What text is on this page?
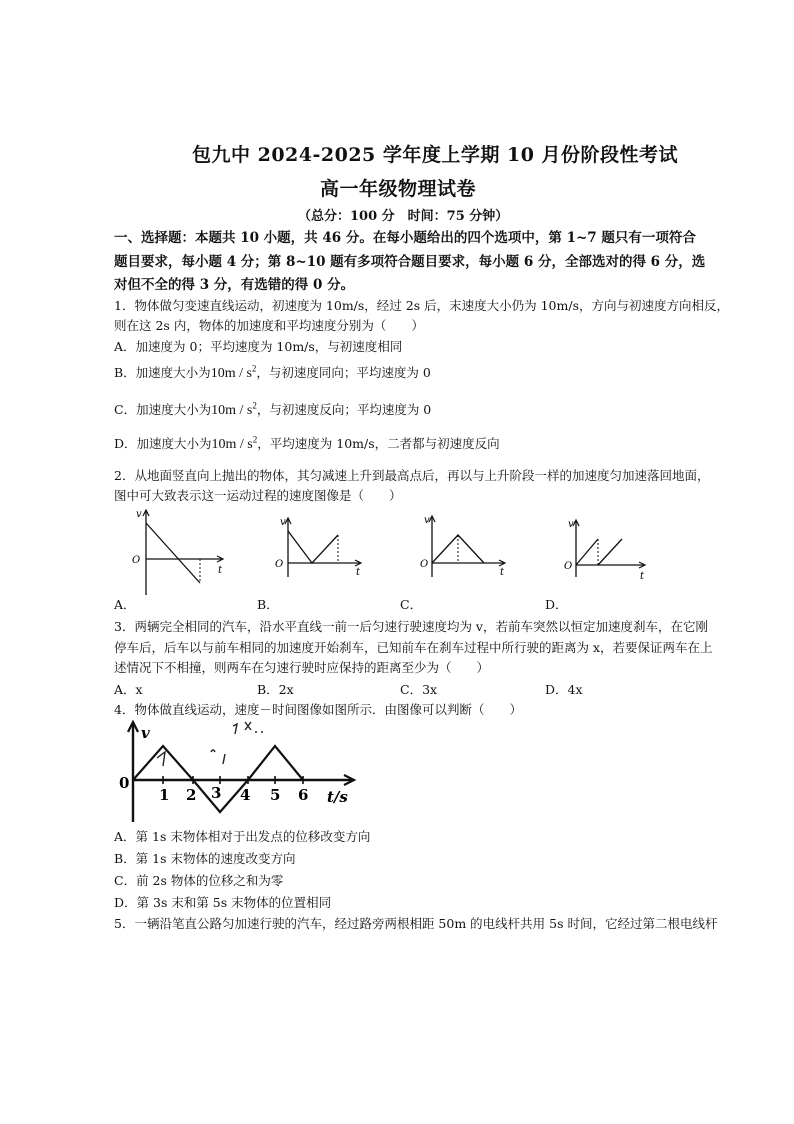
包九中 2024-2025 学年度上学期 10 月份阶段性考试
高一年级物理试卷
（总分：100 分　时间：75 分钟）
一、选择题：本题共 10 小题，共 46 分。在每小题给出的四个选项中，第 1~7 题只有一项符合
题目要求，每小题 4 分；第 8~10 题有多项符合题目要求，每小题 6 分，全部选对的得 6 分，选
对但不全的得 3 分，有选错的得 0 分。
1．物体做匀变速直线运动，初速度为 10m/s，经过 2s 后，末速度大小仍为 10m/s，方向与初速度方向相反，
则在这 2s 内，物体的加速度和平均速度分别为（　　）
A．加速度为 0；平均速度为 10m/s，与初速度相同
B．加速度大小为$10m / s^2$，与初速度同向；平均速度为 0
C．加速度大小为$10m / s^2$，与初速度反向；平均速度为 0
D．加速度大小为$10m / s^2$，平均速度为 10m/s，二者都与初速度反向
2．从地面竖直向上抛出的物体，其匀减速上升到最高点后，再以与上升阶段一样的加速度匀加速落回地面，
图中可大致表示这一运动过程的速度图像是（　　）
v
t
O
v
t
O
v
t
O
v
t
O
A．	B．	C．	D．
3．两辆完全相同的汽车，沿水平直线一前一后匀速行驶速度均为 v，若前车突然以恒定加速度刹车，在它刚
停车后，后车以与前车相同的加速度开始刹车，已知前车在刹车过程中所行驶的距离为 x，若要保证两车在上
述情况下不相撞，则两车在匀速行驶时应保持的距离至少为（　　）
A．x	B．2x	C．3x	D．4x
4．物体做直线运动，速度－时间图像如图所示．由图像可以判断（　　）
v
0
1 2 3 4 5 6 t/s
A．第 1s 末物体相对于出发点的位移改变方向
B．第 1s 末物体的速度改变方向
C．前 2s 物体的位移之和为零
D．第 3s 末和第 5s 末物体的位置相同
5．一辆沿笔直公路匀加速行驶的汽车，经过路旁两根相距 50m 的电线杆共用 5s 时间，它经过第二根电线杆
